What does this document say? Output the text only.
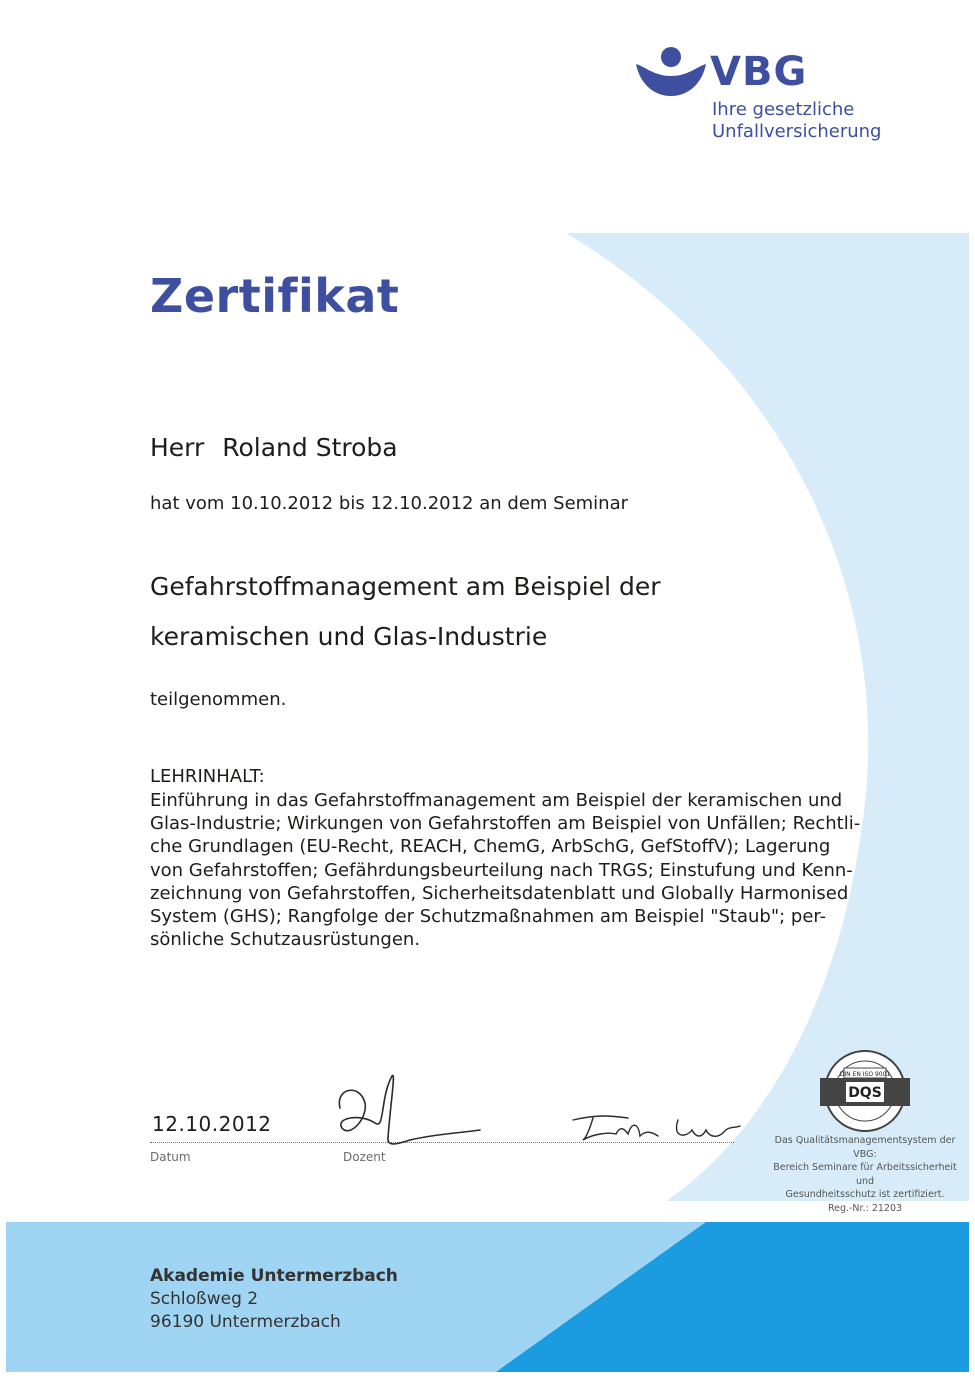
VBG
Ihre gesetzliche
Unfallversicherung
Zertifikat
Herr Roland Stroba
hat vom 10.10.2012 bis 12.10.2012 an dem Seminar
Gefahrstoffmanagement am Beispiel der
keramischen und Glas-Industrie
teilgenommen.
LEHRINHALT:
Einführung in das Gefahrstoffmanagement am Beispiel der keramischen und
Glas-Industrie; Wirkungen von Gefahrstoffen am Beispiel von Unfällen; Rechtli-
che Grundlagen (EU-Recht, REACH, ChemG, ArbSchG, GefStoffV); Lagerung
von Gefahrstoffen; Gefährdungsbeurteilung nach TRGS; Einstufung und Kenn-
zeichnung von Gefahrstoffen, Sicherheitsdatenblatt und Globally Harmonised
System (GHS); Rangfolge der Schutzmaßnahmen am Beispiel "Staub"; per-
sönliche Schutzausrüstungen.
12.10.2012
Datum	Dozent
DIN EN ISO 9001
DQS
Das Qualitätsmanagementsystem der VBG:
Bereich Seminare für Arbeitssicherheit und
Gesundheitsschutz ist zertifiziert.
Reg.-Nr.: 21203
Akademie Untermerzbach
Schloßweg 2
96190 Untermerzbach
